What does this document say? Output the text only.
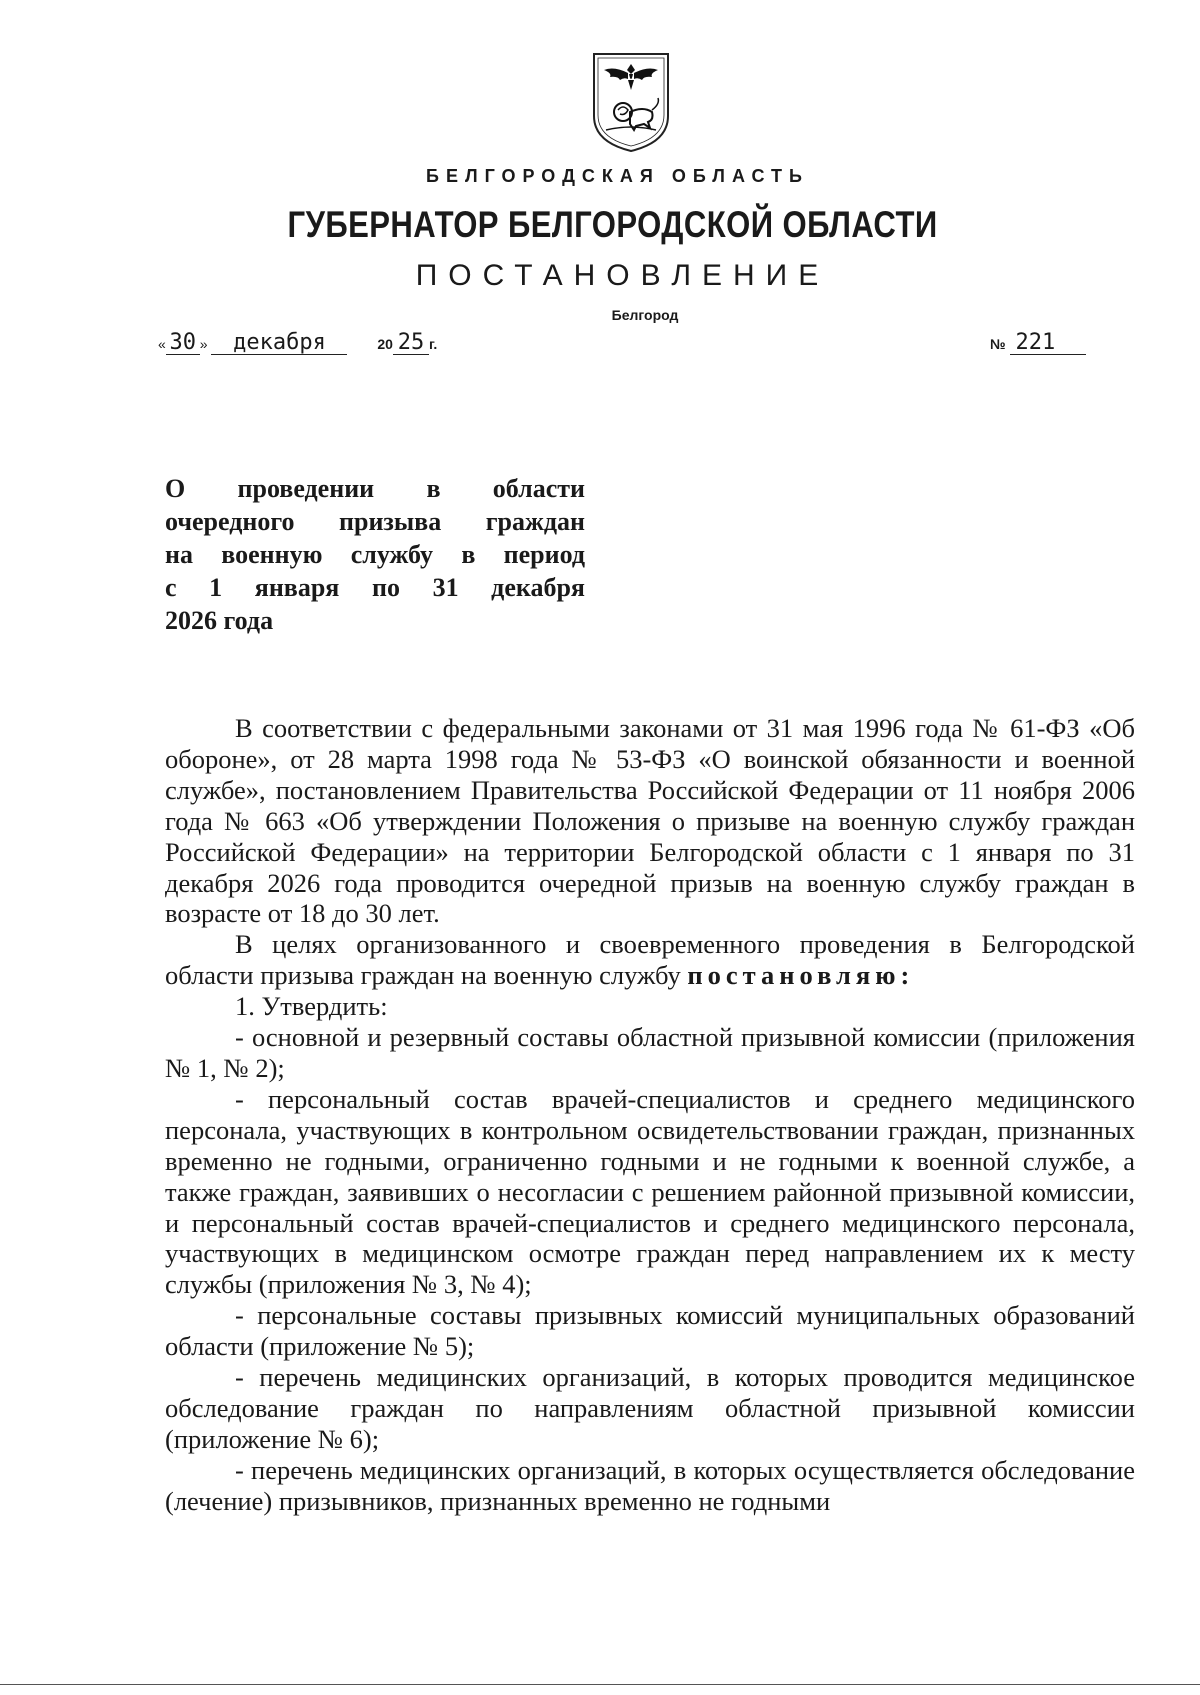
БЕЛГОРОДСКАЯ ОБЛАСТЬ
ГУБЕРНАТОР БЕЛГОРОДСКОЙ ОБЛАСТИ
ПОСТАНОВЛЕНИЕ
Белгород
« 30 » декабря	20 25 г.	№ 221
О проведении в области
очередного призыва граждан
на военную службу в период
с 1 января по 31 декабря
2026 года

В соответствии с федеральными законами от 31 мая 1996 года № 61-ФЗ «Об обороне», от 28 марта 1998 года № 53-ФЗ «О воинской обязанности и военной службе», постановлением Правительства Российской Федерации от 11 ноября 2006 года № 663 «Об утверждении Положения о призыве на военную службу граждан Российской Федерации» на территории Белгородской области с 1 января по 31 декабря 2026 года проводится очередной призыв на военную службу граждан в возрасте от 18 до 30 лет.

В целях организованного и своевременного проведения в Белгородской области призыва граждан на военную службу постановляю:

1. Утвердить:

- основной и резервный составы областной призывной комиссии (приложения № 1, № 2);

- персональный состав врачей-специалистов и среднего медицинского персонала, участвующих в контрольном освидетельствовании граждан, признанных временно не годными, ограниченно годными и не годными к военной службе, а также граждан, заявивших о несогласии с решением районной призывной комиссии, и персональный состав врачей-специалистов и среднего медицинского персонала, участвующих в медицинском осмотре граждан перед направлением их к месту службы (приложения № 3, № 4);

- персональные составы призывных комиссий муниципальных образований области (приложение № 5);

- перечень медицинских организаций, в которых проводится медицинское обследование граждан по направлениям областной призывной комиссии (приложение № 6);

- перечень медицинских организаций, в которых осуществляется обследование (лечение) призывников, признанных временно не годными
